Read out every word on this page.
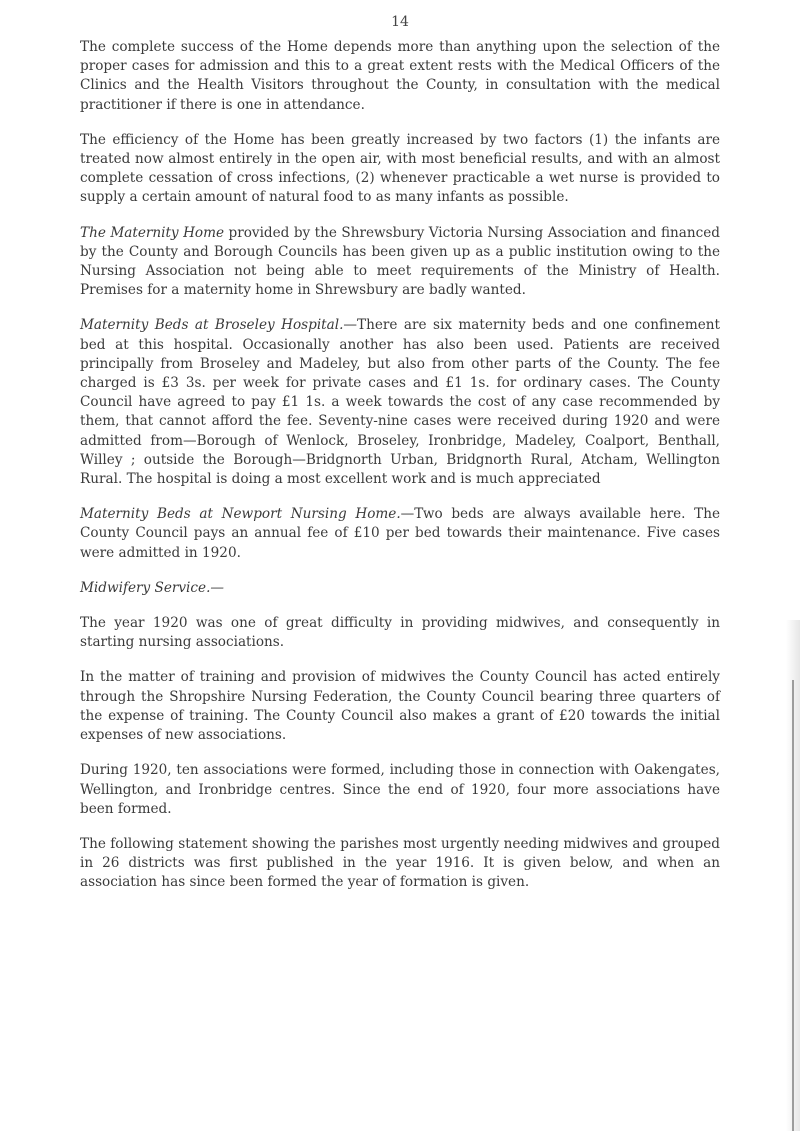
14

The complete success of the Home depends more than anything upon the selection of the proper cases for admission and this to a great extent rests with the Medical Officers of the Clinics and the Health Visitors throughout the County, in consultation with the medical practitioner if there is one in attendance.

The efficiency of the Home has been greatly increased by two factors (1) the infants are treated now almost entirely in the open air, with most beneficial results, and with an almost complete cessation of cross infections, (2) whenever practicable a wet nurse is provided to supply a certain amount of natural food to as many infants as possible.

The Maternity Home provided by the Shrewsbury Victoria Nursing Association and financed by the County and Borough Councils has been given up as a public institution owing to the Nursing Association not being able to meet requirements of the Ministry of Health. Premises for a maternity home in Shrewsbury are badly wanted.

Maternity Beds at Broseley Hospital.—There are six maternity beds and one confinement bed at this hospital. Occasionally another has also been used. Patients are received principally from Broseley and Madeley, but also from other parts of the County. The fee charged is £3 3s. per week for private cases and £1 1s. for ordinary cases. The County Council have agreed to pay £1 1s. a week towards the cost of any case recommended by them, that cannot afford the fee. Seventy-nine cases were received during 1920 and were admitted from—Borough of Wenlock, Broseley, Ironbridge, Madeley, Coalport, Benthall, Willey ; outside the Borough—Bridgnorth Urban, Bridgnorth Rural, Atcham, Wellington Rural. The hospital is doing a most excellent work and is much appreciated

Maternity Beds at Newport Nursing Home.—Two beds are always available here. The County Council pays an annual fee of £10 per bed towards their maintenance. Five cases were admitted in 1920.

Midwifery Service.—

The year 1920 was one of great difficulty in providing midwives, and consequently in starting nursing associations.

In the matter of training and provision of midwives the County Council has acted entirely through the Shropshire Nursing Federation, the County Council bearing three quarters of the expense of training. The County Council also makes a grant of £20 towards the initial expenses of new associations.

During 1920, ten associations were formed, including those in connection with Oakengates, Wellington, and Ironbridge centres. Since the end of 1920, four more associations have been formed.

The following statement showing the parishes most urgently needing midwives and grouped in 26 districts was first published in the year 1916. It is given below, and when an association has since been formed the year of formation is given.
